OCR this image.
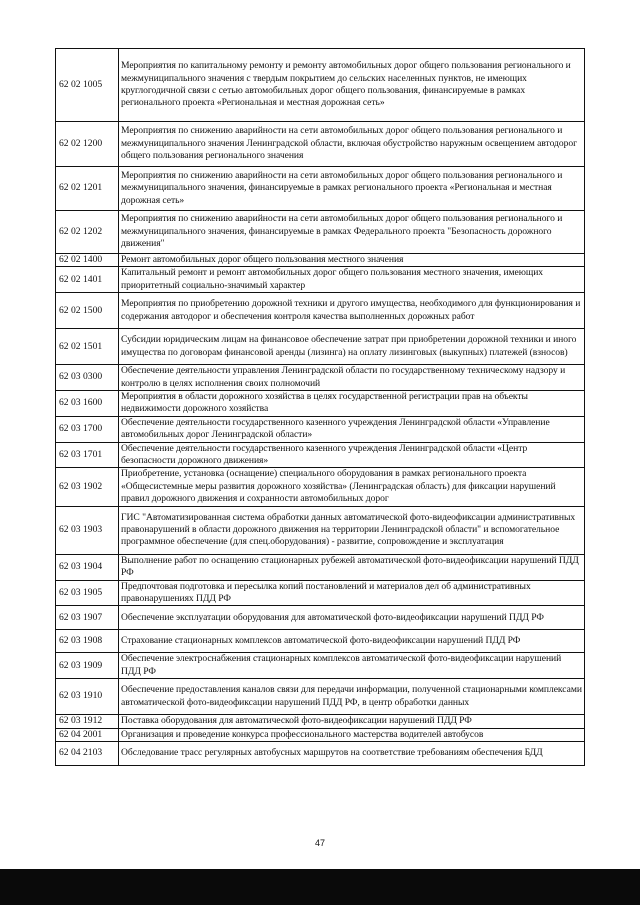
62 02 1005	Мероприятия по капитальному ремонту и ремонту автомобильных дорог общего пользования регионального и межмуниципального значения с твердым покрытием до сельских населенных пунктов, не имеющих круглогодичной связи с сетью автомобильных дорог общего пользования, финансируемые в рамках регионального проекта «Региональная и местная дорожная сеть»
62 02 1200	Мероприятия по снижению аварийности на сети автомобильных дорог общего пользования регионального и межмуниципального значения Ленинградской области, включая обустройство наружным освещением автодорог общего пользования регионального значения
62 02 1201	Мероприятия по снижению аварийности на сети автомобильных дорог общего пользования регионального и межмуниципального значения, финансируемые в рамках регионального проекта «Региональная и местная дорожная сеть»
62 02 1202	Мероприятия по снижению аварийности на сети автомобильных дорог общего пользования регионального и межмуниципального значения, финансируемые в рамках Федерального проекта "Безопасность дорожного движения"
62 02 1400	Ремонт автомобильных дорог общего пользования местного значения
62 02 1401	Капитальный ремонт и ремонт автомобильных дорог общего пользования местного значения, имеющих приоритетный социально-значимый характер
62 02 1500	Мероприятия по приобретению дорожной техники и другого имущества, необходимого для функционирования и содержания автодорог и обеспечения контроля качества выполненных дорожных работ
62 02 1501	Субсидии юридическим лицам на финансовое обеспечение затрат при приобретении дорожной техники и иного имущества по договорам финансовой аренды (лизинга) на оплату лизинговых (выкупных) платежей (взносов)
62 03 0300	Обеспечение деятельности управления Ленинградской области по государственному техническому надзору и контролю в целях исполнения своих полномочий
62 03 1600	Мероприятия в области дорожного хозяйства в целях государственной регистрации прав на объекты недвижимости дорожного хозяйства
62 03 1700	Обеспечение деятельности государственного казенного учреждения Ленинградской области «Управление автомобильных дорог Ленинградской области»
62 03 1701	Обеспечение деятельности государственного казенного учреждения Ленинградской области «Центр безопасности дорожного движения»
62 03 1902	Приобретение, установка (оснащение) специального оборудования в рамках регионального проекта «Общесистемные меры развития дорожного хозяйства» (Ленинградская область) для фиксации нарушений правил дорожного движения и сохранности автомобильных дорог
62 03 1903	ГИС "Автоматизированная система обработки данных автоматической фото-видеофиксации административных правонарушений в области дорожного движения на территории Ленинградской области" и вспомогательное программное обеспечение (для спец.оборудования) - развитие, сопровождение и эксплуатация
62 03 1904	Выполнение работ по оснащению стационарных рубежей автоматической фото-видеофиксации нарушений ПДД РФ
62 03 1905	Предпочтовая подготовка и пересылка копий постановлений и материалов дел об административных правонарушениях ПДД РФ
62 03 1907	Обеспечение эксплуатации оборудования для автоматической фото-видеофиксации нарушений ПДД РФ
62 03 1908	Страхование стационарных комплексов автоматической фото-видеофиксации нарушений ПДД РФ
62 03 1909	Обеспечение электроснабжения стационарных комплексов автоматической фото-видеофиксации нарушений ПДД РФ
62 03 1910	Обеспечение предоставления каналов связи для передачи информации, полученной стационарными комплексами автоматической фото-видеофиксации нарушений ПДД РФ, в центр обработки данных
62 03 1912	Поставка оборудования для автоматической фото-видеофиксации нарушений ПДД РФ
62 04 2001	Организация и проведение конкурса профессионального мастерства водителей автобусов
62 04 2103	Обследование трасс регулярных автобусных маршрутов на соответствие требованиям обеспечения БДД
47
